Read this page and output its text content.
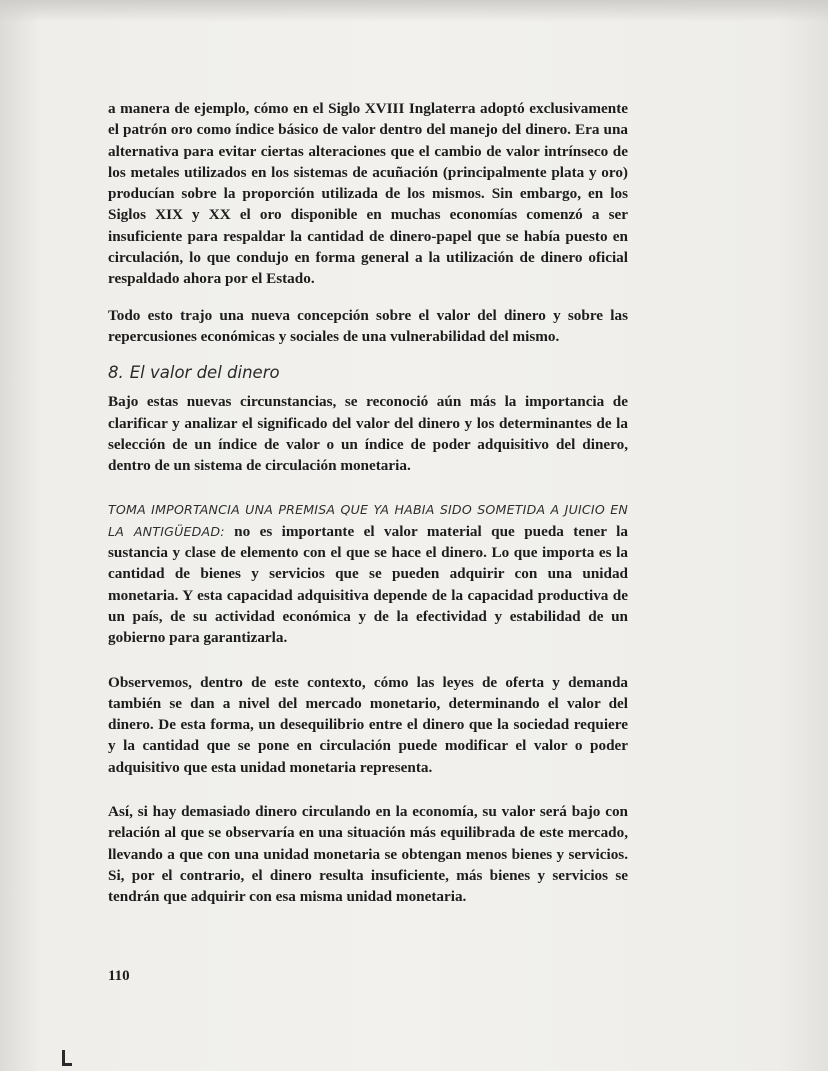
a manera de ejemplo, cómo en el Siglo XVIII Inglaterra adoptó exclusivamente el patrón oro como índice básico de valor dentro del manejo del dinero. Era una alternativa para evitar ciertas alteraciones que el cambio de valor intrínseco de los metales utilizados en los sistemas de acuñación (principalmente plata y oro) producían sobre la proporción utilizada de los mismos. Sin embargo, en los Siglos XIX y XX el oro disponible en muchas economías comenzó a ser insuficiente para respaldar la cantidad de dinero-papel que se había puesto en circulación, lo que condujo en forma general a la utilización de dinero oficial respaldado ahora por el Estado.

Todo esto trajo una nueva concepción sobre el valor del dinero y sobre las repercusiones económicas y sociales de una vulnerabilidad del mismo.

8. El valor del dinero

Bajo estas nuevas circunstancias, se reconoció aún más la importancia de clarificar y analizar el significado del valor del dinero y los determinantes de la selección de un índice de valor o un índice de poder adquisitivo del dinero, dentro de un sistema de circulación monetaria.

TOMA IMPORTANCIA UNA PREMISA QUE YA HABIA SIDO SOMETIDA A JUICIO EN LA ANTIGÜEDAD: no es importante el valor material que pueda tener la sustancia y clase de elemento con el que se hace el dinero. Lo que importa es la cantidad de bienes y servicios que se pueden adquirir con una unidad monetaria. Y esta capacidad adquisitiva depende de la capacidad productiva de un país, de su actividad económica y de la efectividad y estabilidad de un gobierno para garantizarla.

Observemos, dentro de este contexto, cómo las leyes de oferta y demanda también se dan a nivel del mercado monetario, determinando el valor del dinero. De esta forma, un desequilibrio entre el dinero que la sociedad requiere y la cantidad que se pone en circulación puede modificar el valor o poder adquisitivo que esta unidad monetaria representa.

Así, si hay demasiado dinero circulando en la economía, su valor será bajo con relación al que se observaría en una situación más equilibrada de este mercado, llevando a que con una unidad monetaria se obtengan menos bienes y servicios. Si, por el contrario, el dinero resulta insuficiente, más bienes y servicios se tendrán que adquirir con esa misma unidad monetaria.

110
